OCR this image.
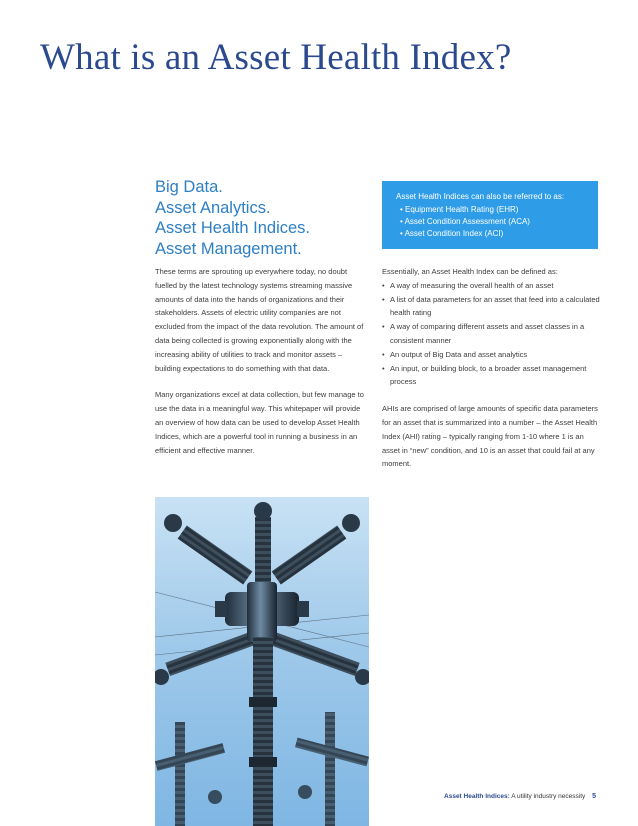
What is an Asset Health Index?
Big Data.
Asset Analytics.
Asset Health Indices.
Asset Management.
Asset Health Indices can also be referred to as:
• Equipment Health Rating (EHR)
• Asset Condition Assessment (ACA)
• Asset Condition Index (ACI)

These terms are sprouting up everywhere today, no doubt fuelled by the latest technology systems streaming massive amounts of data into the hands of organizations and their stakeholders. Assets of electric utility companies are not excluded from the impact of the data revolution. The amount of data being collected is growing exponentially along with the increasing ability of utilities to track and monitor assets – building expectations to do something with that data.

Many organizations excel at data collection, but few manage to use the data in a meaningful way. This whitepaper will provide an overview of how data can be used to develop Asset Health Indices, which are a powerful tool in running a business in an efficient and effective manner.

Essentially, an Asset Health Index can be defined as:

• A way of measuring the overall health of an asset
• A list of data parameters for an asset that feed into a calculated health rating
• A way of comparing different assets and asset classes in a consistent manner
• An output of Big Data and asset analytics
• An input, or building block, to a broader asset management process

AHIs are comprised of large amounts of specific data parameters for an asset that is summarized into a number – the Asset Health Index (AHI) rating – typically ranging from 1-10 where 1 is an asset in “new” condition, and 10 is an asset that could fail at any moment.

Asset Health Indices: A utility industry necessity 5
